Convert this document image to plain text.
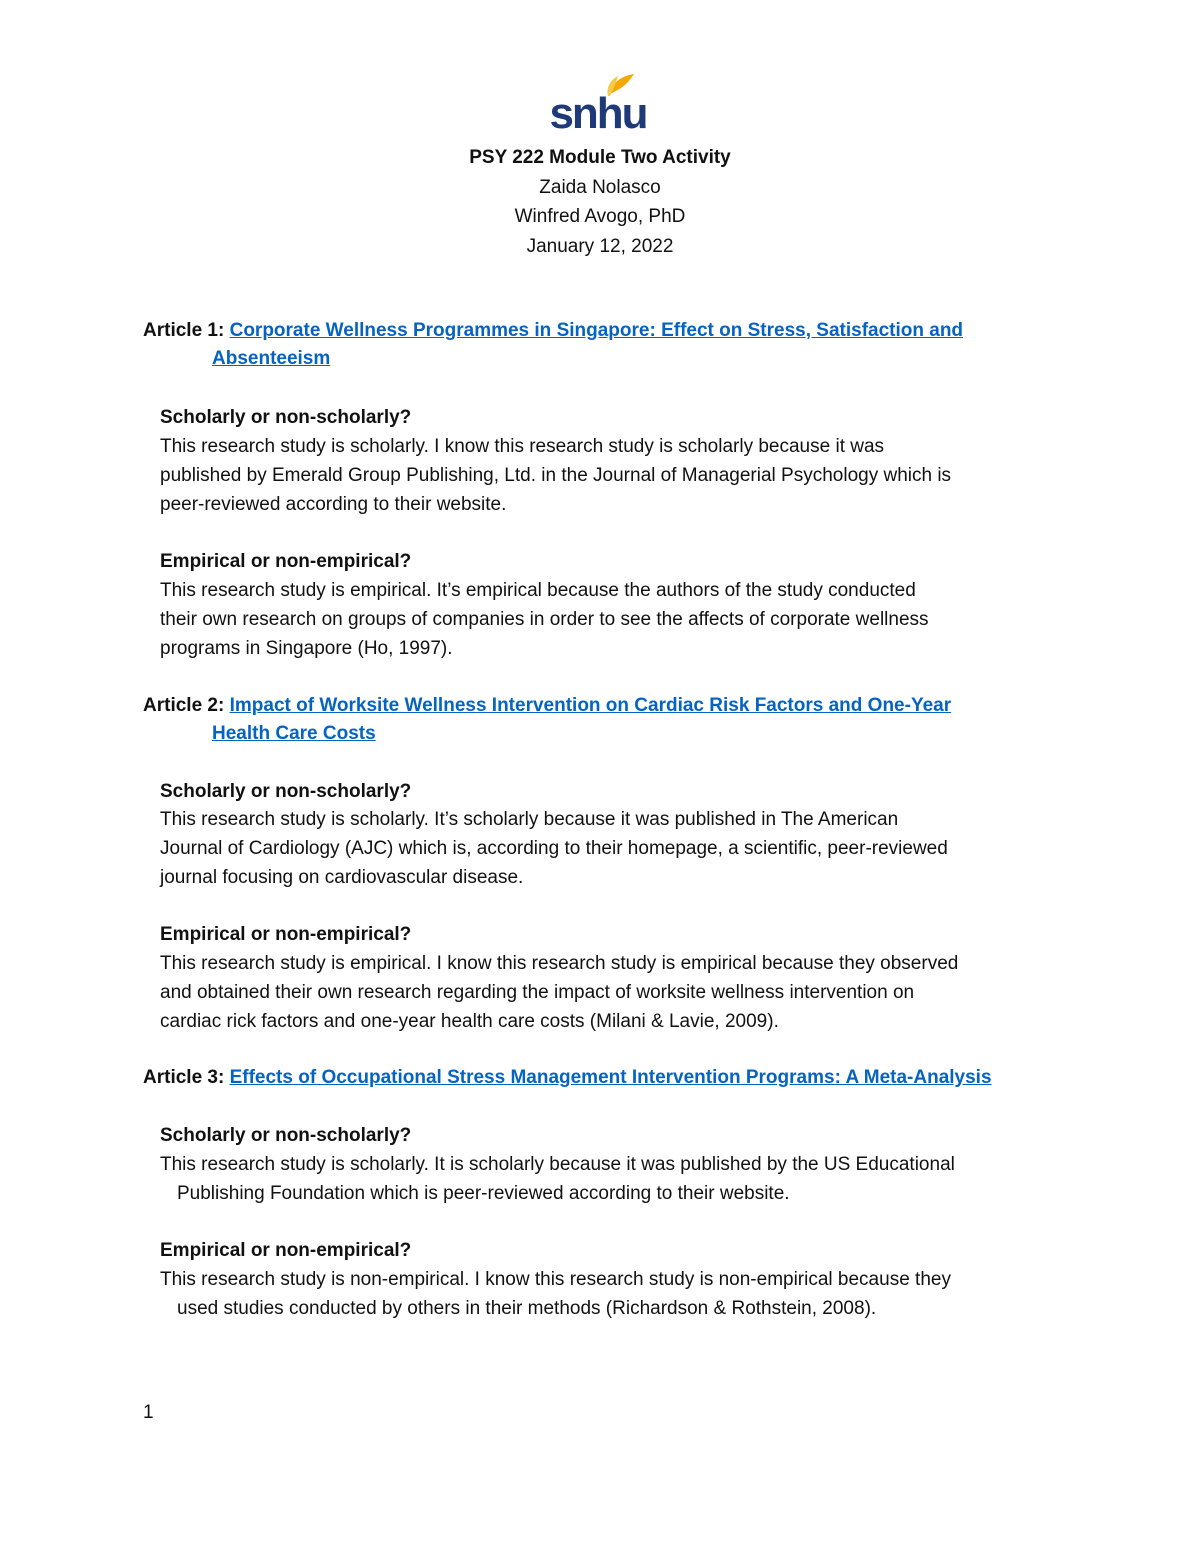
snhu
PSY 222 Module Two Activity
Zaida Nolasco
Winfred Avogo, PhD
January 12, 2022
Article 1: Corporate Wellness Programmes in Singapore: Effect on Stress, Satisfaction and
Absenteeism
Scholarly or non-scholarly?
This research study is scholarly. I know this research study is scholarly because it was
published by Emerald Group Publishing, Ltd. in the Journal of Managerial Psychology which is
peer-reviewed according to their website.
Empirical or non-empirical?
This research study is empirical. It’s empirical because the authors of the study conducted
their own research on groups of companies in order to see the affects of corporate wellness
programs in Singapore (Ho, 1997).
Article 2: Impact of Worksite Wellness Intervention on Cardiac Risk Factors and One-Year
Health Care Costs
Scholarly or non-scholarly?
This research study is scholarly. It’s scholarly because it was published in The American
Journal of Cardiology (AJC) which is, according to their homepage, a scientific, peer-reviewed
journal focusing on cardiovascular disease.
Empirical or non-empirical?
This research study is empirical. I know this research study is empirical because they observed
and obtained their own research regarding the impact of worksite wellness intervention on
cardiac rick factors and one-year health care costs (Milani & Lavie, 2009).
Article 3: Effects of Occupational Stress Management Intervention Programs: A Meta-Analysis
Scholarly or non-scholarly?
This research study is scholarly. It is scholarly because it was published by the US Educational
Publishing Foundation which is peer-reviewed according to their website.
Empirical or non-empirical?
This research study is non-empirical. I know this research study is non-empirical because they
used studies conducted by others in their methods (Richardson & Rothstein, 2008).
1
